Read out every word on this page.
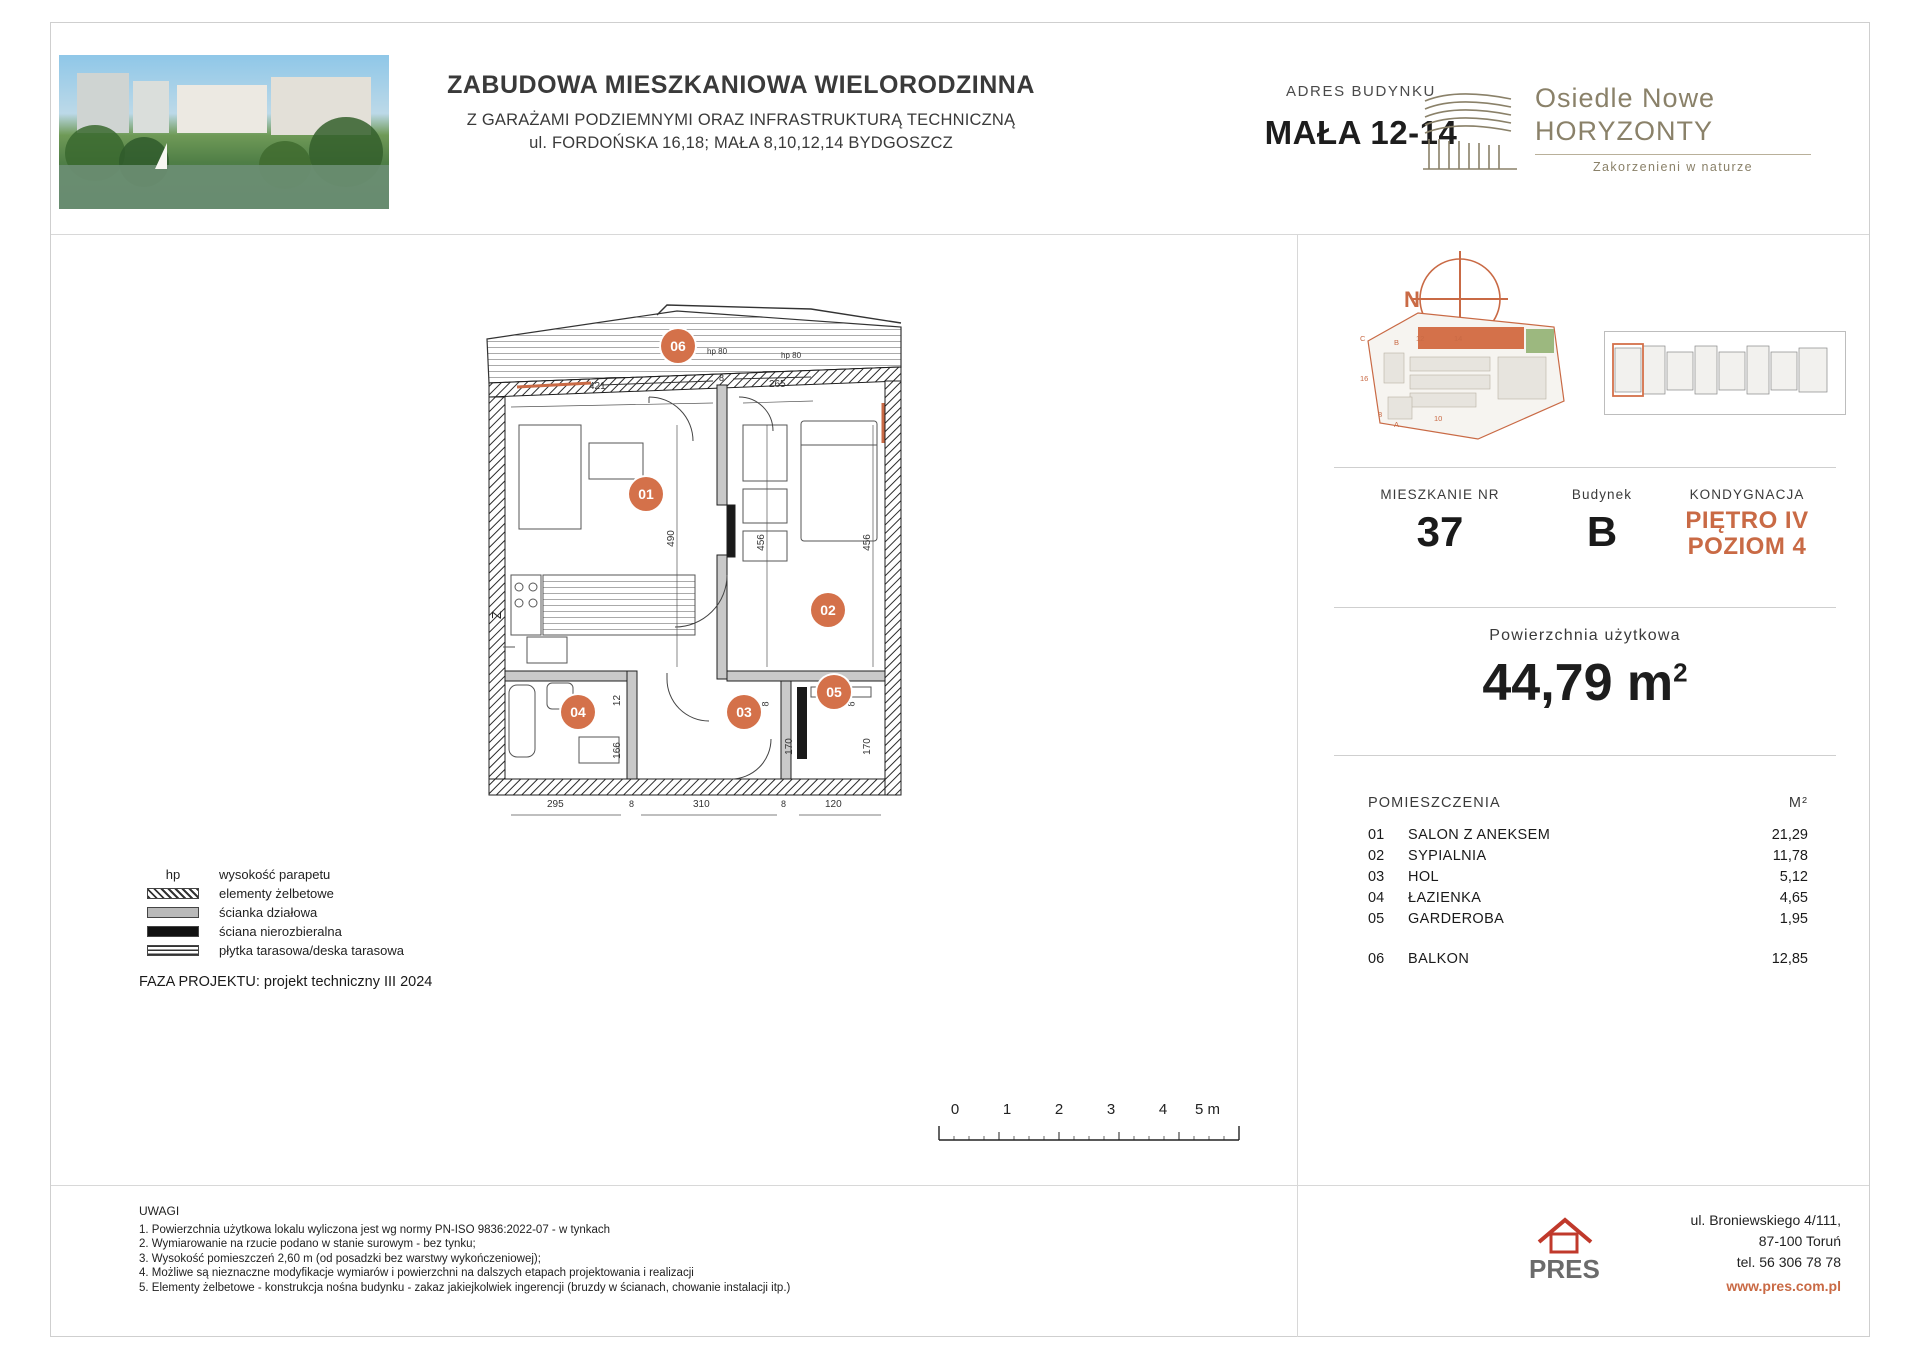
ZABUDOWA MIESZKANIOWA WIELORODZINNA
Z GARAŻAMI PODZIEMNYMI ORAZ INFRASTRUKTURĄ TECHNICZNĄ
ul. FORDOŃSKA 16,18; MAŁA 8,10,12,14 BYDGOSZCZ
ADRES BUDYNKU
MAŁA 12-14
Osiedle Nowe
HORYZONTY
Zakorzenieni w naturze
Z
421
490	456	456
265
8
12
166
295	8	310	8	120
170	170
8	8
hp 80
hp 80
06
01
02
03
04
05
hp	wysokość parapetu
elementy żelbetowe
ścianka działowa
ściana nierozbieralna
płytka tarasowa/deska tarasowa
FAZA PROJEKTU: projekt techniczny III 2024
0	1	2	3	4	5 m
N
C	B 12	14
16
8	10
A
MIESZKANIE NR	Budynek	KONDYGNACJA
37	B	PIĘTRO IV
POZIOM 4
Powierzchnia użytkowa
44,79 $m^2$
POMIESZCZENIA	M²
01	SALON Z ANEKSEM	21,29
02	SYPIALNIA	11,78
03	HOL	5,12
04	ŁAZIENKA	4,65
05	GARDEROBA	1,95
06	BALKON	12,85
UWAGI
1. Powierzchnia użytkowa lokalu wyliczona jest wg normy PN-ISO 9836:2022-07 - w tynkach
2. Wymiarowanie na rzucie podano w stanie surowym - bez tynku;
3. Wysokość pomieszczeń 2,60 m (od posadzki bez warstwy wykończeniowej);
4. Możliwe są nieznaczne modyfikacje wymiarów i powierzchni na dalszych etapach projektowania i realizacji
5. Elementy żelbetowe - konstrukcja nośna budynku - zakaz jakiejkolwiek ingerencji (bruzdy w ścianach, chowanie instalacji itp.)
PRES
ul. Broniewskiego 4/111,
87-100 Toruń
tel. 56 306 78 78
www.pres.com.pl
